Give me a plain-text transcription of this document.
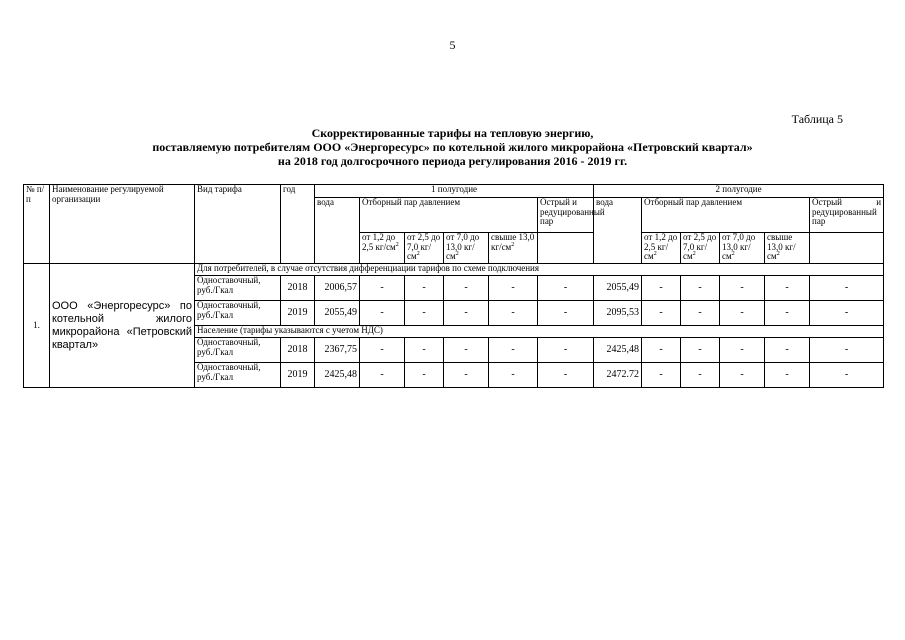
5
Таблица 5
Скорректированные тарифы на тепловую энергию,
поставляемую потребителям ООО «Энергоресурс» по котельной жилого микрорайона «Петровский квартал»
на 2018 год долгосрочного периода регулирования 2016 - 2019 гг.
№ п/п	Наименование регулируемой организации	Вид тарифа	год	1 полугодие						2 полугодие					
				вода	Отборный пар давлением				Острый и редуцированный пар	вода	Отборный пар давлением				Острый и редуцированный пар
					от 1,2 до 2,5 $кг/см^2$	от 2,5 до 7,0 $кг/см^2$	от 7,0 до 13,0 $кг/см^2$	свыше 13,0 $кг/см^2$			от 1,2 до 2,5 $кг/см^2$	от 2,5 до 7,0 $кг/см^2$	от 7,0 до 13,0 $кг/см^2$	свыше 13,0 $кг/см^2$	
1.	ООО «Энергоресурс» по котельной жилого микрорайона «Петровский квартал»	Для потребителей, в случае отсутствия дифференциации тарифов по схеме подключения													
		Одноставочный, руб./Гкал	2018	2006,57	-	-	-	-	-	2055,49	-	-	-	-	-
		Одноставочный, руб./Гкал	2019	2055,49	-	-	-	-	-	2095,53	-	-	-	-	-
		Население (тарифы указываются с учетом НДС)													
		Одноставочный, руб./Гкал	2018	2367,75	-	-	-	-	-	2425,48	-	-	-	-	-
		Одноставочный, руб./Гкал	2019	2425,48	-	-	-	-	-	2472.72	-	-	-	-	-
